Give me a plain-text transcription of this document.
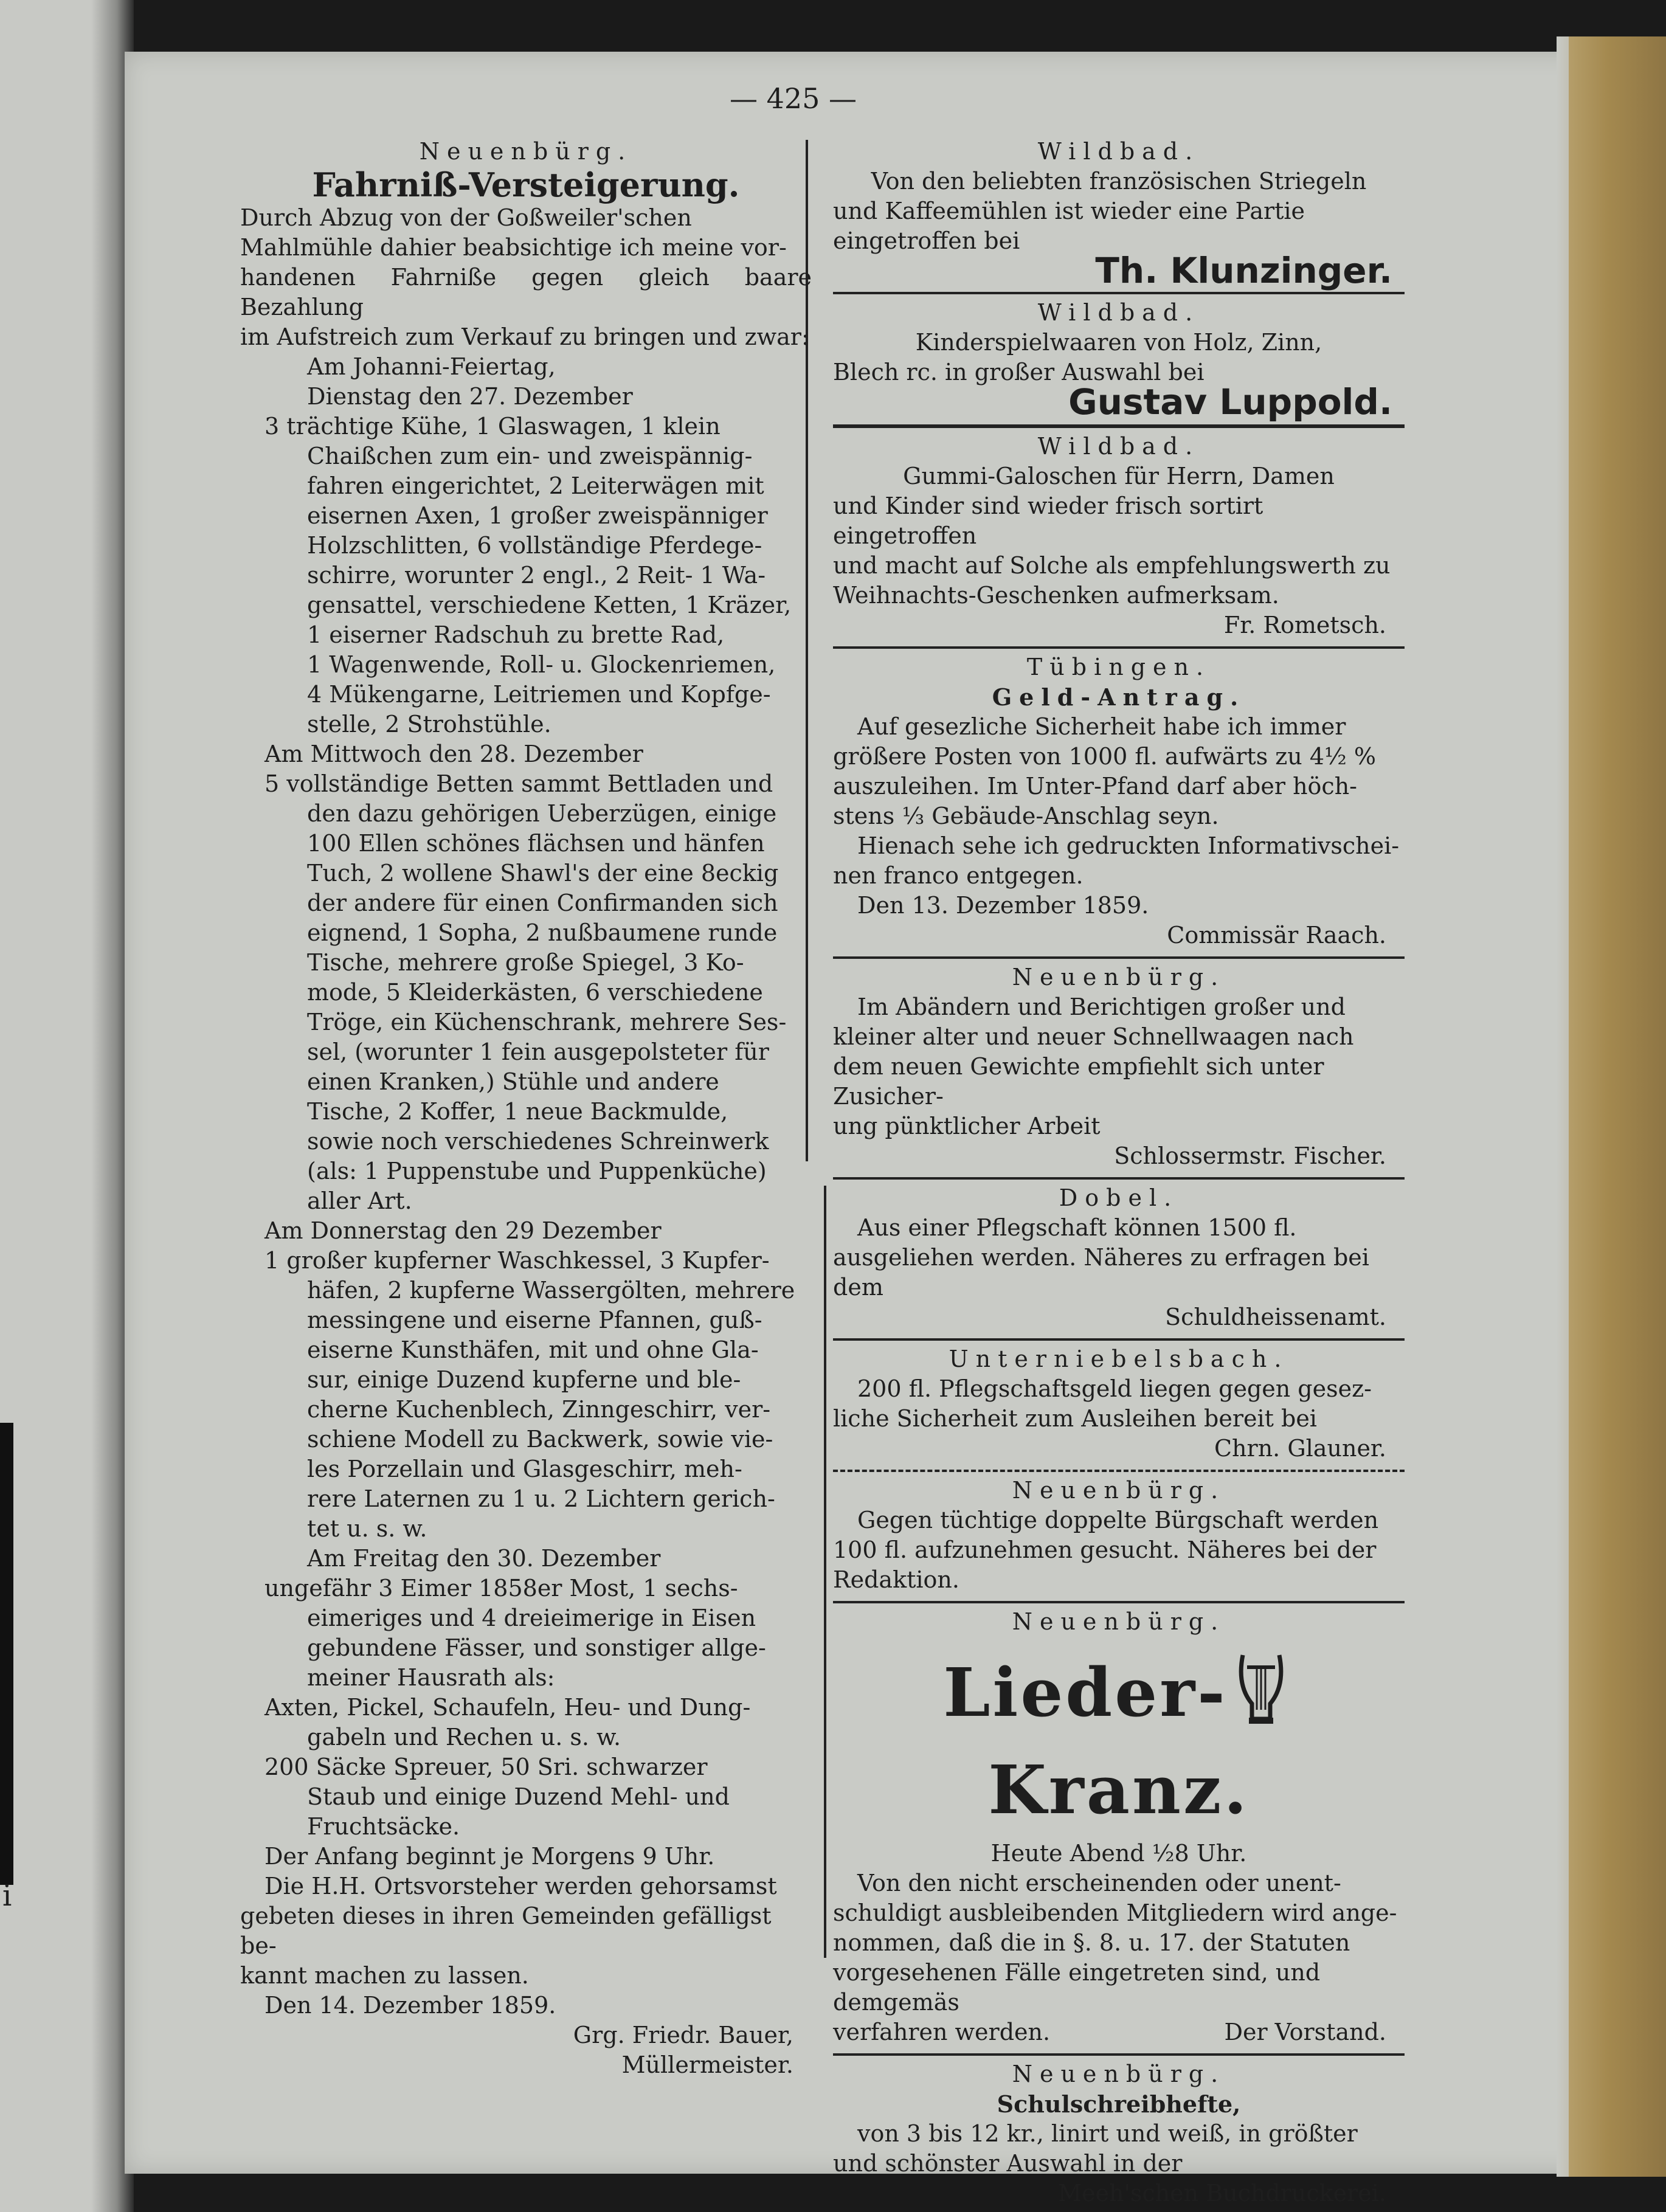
i
— 425 —
Neuenbürg.
Fahrniß-Versteigerung.
Durch Abzug von der Goßweiler'schen
Mahlmühle dahier beabsichtige ich meine vor-
handenen Fahrniße gegen gleich baare Bezahlung
im Aufstreich zum Verkauf zu bringen und zwar:
Am Johanni-Feiertag,
Dienstag den 27. Dezember
3 trächtige Kühe, 1 Glaswagen, 1 klein
Chaißchen zum ein- und zweispännig-
fahren eingerichtet, 2 Leiterwägen mit
eisernen Axen, 1 großer zweispänniger
Holzschlitten, 6 vollständige Pferdege-
schirre, worunter 2 engl., 2 Reit- 1 Wa-
gensattel, verschiedene Ketten, 1 Kräzer,
1 eiserner Radschuh zu brette Rad,
1 Wagenwende, Roll- u. Glockenriemen,
4 Mükengarne, Leitriemen und Kopfge-
stelle, 2 Strohstühle.
Am Mittwoch den 28. Dezember
5 vollständige Betten sammt Bettladen und
den dazu gehörigen Ueberzügen, einige
100 Ellen schönes flächsen und hänfen
Tuch, 2 wollene Shawl's der eine 8eckig
der andere für einen Confirmanden sich
eignend, 1 Sopha, 2 nußbaumene runde
Tische, mehrere große Spiegel, 3 Ko-
mode, 5 Kleiderkästen, 6 verschiedene
Tröge, ein Küchenschrank, mehrere Ses-
sel, (worunter 1 fein ausgepolsteter für
einen Kranken,) Stühle und andere
Tische, 2 Koffer, 1 neue Backmulde,
sowie noch verschiedenes Schreinwerk
(als: 1 Puppenstube und Puppenküche)
aller Art.
Am Donnerstag den 29 Dezember
1 großer kupferner Waschkessel, 3 Kupfer-
häfen, 2 kupferne Wassergölten, mehrere
messingene und eiserne Pfannen, guß-
eiserne Kunsthäfen, mit und ohne Gla-
sur, einige Duzend kupferne und ble-
cherne Kuchenblech, Zinngeschirr, ver-
schiene Modell zu Backwerk, sowie vie-
les Porzellain und Glasgeschirr, meh-
rere Laternen zu 1 u. 2 Lichtern gerich-
tet u. s. w.
Am Freitag den 30. Dezember
ungefähr 3 Eimer 1858er Most, 1 sechs-
eimeriges und 4 dreieimerige in Eisen
gebundene Fässer, und sonstiger allge-
meiner Hausrath als:
Axten, Pickel, Schaufeln, Heu- und Dung-
gabeln und Rechen u. s. w.
200 Säcke Spreuer, 50 Sri. schwarzer
Staub und einige Duzend Mehl- und
Fruchtsäcke.
Der Anfang beginnt je Morgens 9 Uhr.
Die H.H. Ortsvorsteher werden gehorsamst
gebeten dieses in ihren Gemeinden gefälligst be-
kannt machen zu lassen.
Den 14. Dezember 1859.
Grg. Friedr. Bauer,
Müllermeister.
Wildbad.
Von den beliebten französischen Striegeln
und Kaffeemühlen ist wieder eine Partie
eingetroffen bei
Th. Klunzinger.
Wildbad.
Kinderspielwaaren von Holz, Zinn,
Blech rc. in großer Auswahl bei
Gustav Luppold.
Wildbad.
Gummi-Galoschen für Herrn, Damen
und Kinder sind wieder frisch sortirt eingetroffen
und macht auf Solche als empfehlungswerth zu
Weihnachts-Geschenken aufmerksam.
Fr. Rometsch.
Tübingen.
Geld-Antrag.
Auf gesezliche Sicherheit habe ich immer
größere Posten von 1000 fl. aufwärts zu 4½ %
auszuleihen. Im Unter-Pfand darf aber höch-
stens ⅓ Gebäude-Anschlag seyn.
Hienach sehe ich gedruckten Informativschei-
nen franco entgegen.
Den 13. Dezember 1859.
Commissär Raach.
Neuenbürg.
Im Abändern und Berichtigen großer und
kleiner alter und neuer Schnellwaagen nach
dem neuen Gewichte empfiehlt sich unter Zusicher-
ung pünktlicher Arbeit
Schlossermstr. Fischer.
Dobel.
Aus einer Pflegschaft können 1500 fl.
ausgeliehen werden. Näheres zu erfragen bei
dem
Schuldheissenamt.
Unterniebelsbach.
200 fl. Pflegschaftsgeld liegen gegen gesez-
liche Sicherheit zum Ausleihen bereit bei
Chrn. Glauner.
Neuenbürg.
Gegen tüchtige doppelte Bürgschaft werden
100 fl. aufzunehmen gesucht. Näheres bei der
Redaktion.
Neuenbürg.
Lieder-Kranz.
Heute Abend ½8 Uhr.
Von den nicht erscheinenden oder unent-
schuldigt ausbleibenden Mitgliedern wird ange-
nommen, daß die in §. 8. u. 17. der Statuten
vorgesehenen Fälle eingetreten sind, und demgemäs
verfahren werden.	Der Vorstand.
Neuenbürg.
Schulschreibhefte,
von 3 bis 12 kr., linirt und weiß, in größter
und schönster Auswahl in der
Meeh'schen Buchdruckerei.
